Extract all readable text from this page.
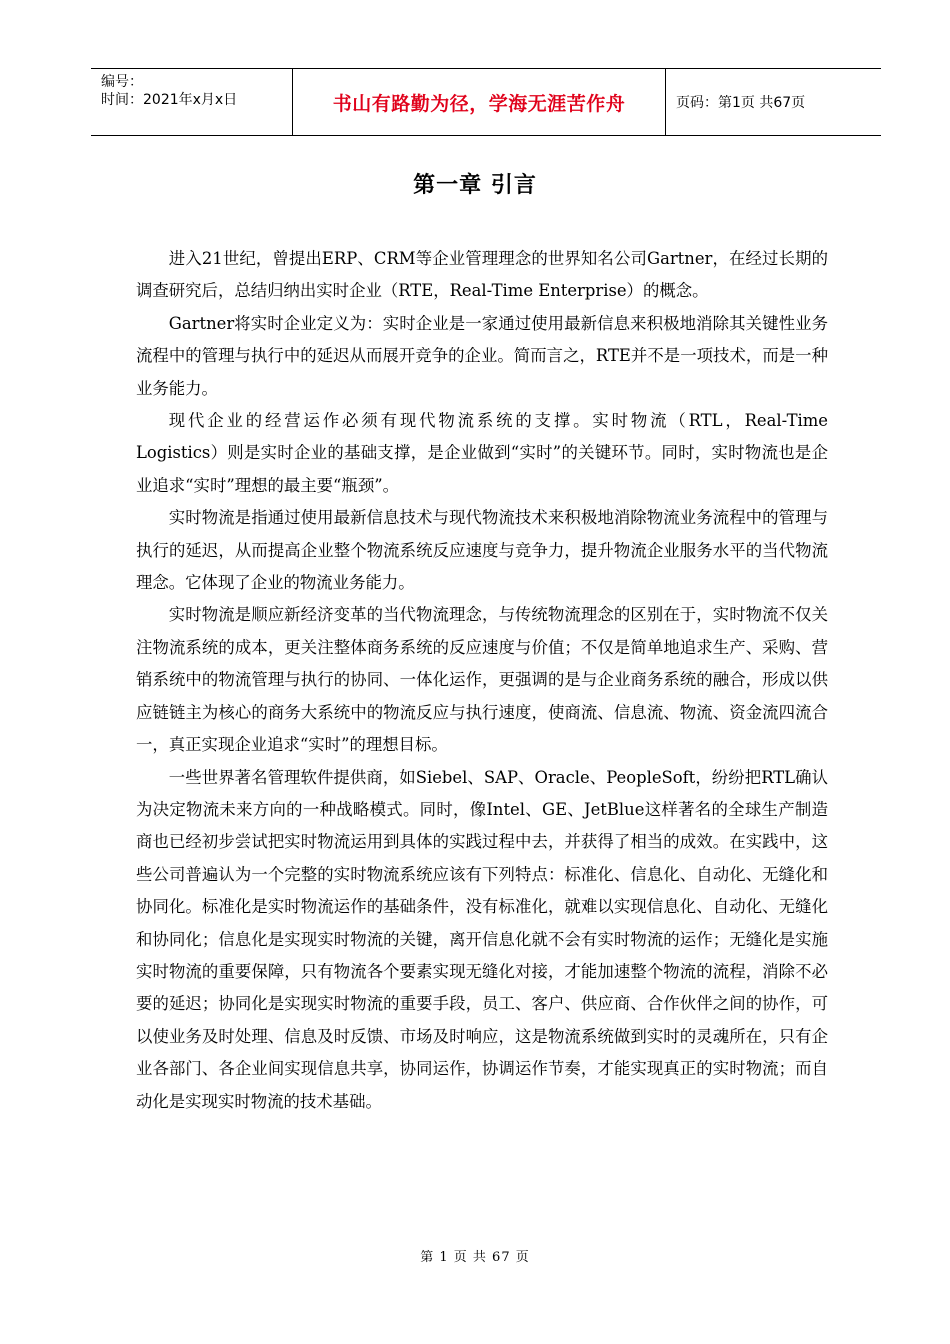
编号：
时间：2021年x月x日	书山有路勤为径，学海无涯苦作舟	页码：第1页 共67页
第一章 引言

进入21世纪，曾提出ERP、CRM等企业管理理念的世界知名公司Gartner，在经过长期的调查研究后，总结归纳出实时企业（RTE，Real-Time Enterprise）的概念。

Gartner将实时企业定义为：实时企业是一家通过使用最新信息来积极地消除其关键性业务流程中的管理与执行中的延迟从而展开竞争的企业。简而言之，RTE并不是一项技术，而是一种业务能力。

现代企业的经营运作必须有现代物流系统的支撑。实时物流（RTL，Real-Time Logistics）则是实时企业的基础支撑，是企业做到“实时”的关键环节。同时，实时物流也是企业追求“实时”理想的最主要“瓶颈”。

实时物流是指通过使用最新信息技术与现代物流技术来积极地消除物流业务流程中的管理与执行的延迟，从而提高企业整个物流系统反应速度与竞争力，提升物流企业服务水平的当代物流理念。它体现了企业的物流业务能力。

实时物流是顺应新经济变革的当代物流理念，与传统物流理念的区别在于，实时物流不仅关注物流系统的成本，更关注整体商务系统的反应速度与价值；不仅是简单地追求生产、采购、营销系统中的物流管理与执行的协同、一体化运作，更强调的是与企业商务系统的融合，形成以供应链链主为核心的商务大系统中的物流反应与执行速度，使商流、信息流、物流、资金流四流合一，真正实现企业追求“实时”的理想目标。

一些世界著名管理软件提供商，如Siebel、SAP、Oracle、PeopleSoft，纷纷把RTL确认为决定物流未来方向的一种战略模式。同时，像Intel、GE、JetBlue这样著名的全球生产制造商也已经初步尝试把实时物流运用到具体的实践过程中去，并获得了相当的成效。在实践中，这些公司普遍认为一个完整的实时物流系统应该有下列特点：标准化、信息化、自动化、无缝化和协同化。标准化是实时物流运作的基础条件，没有标准化，就难以实现信息化、自动化、无缝化和协同化；信息化是实现实时物流的关键，离开信息化就不会有实时物流的运作；无缝化是实施实时物流的重要保障，只有物流各个要素实现无缝化对接，才能加速整个物流的流程，消除不必要的延迟；协同化是实现实时物流的重要手段，员工、客户、供应商、合作伙伴之间的协作，可以使业务及时处理、信息及时反馈、市场及时响应，这是物流系统做到实时的灵魂所在，只有企业各部门、各企业间实现信息共享，协同运作，协调运作节奏，才能实现真正的实时物流；而自动化是实现实时物流的技术基础。

第 1 页 共 67 页
